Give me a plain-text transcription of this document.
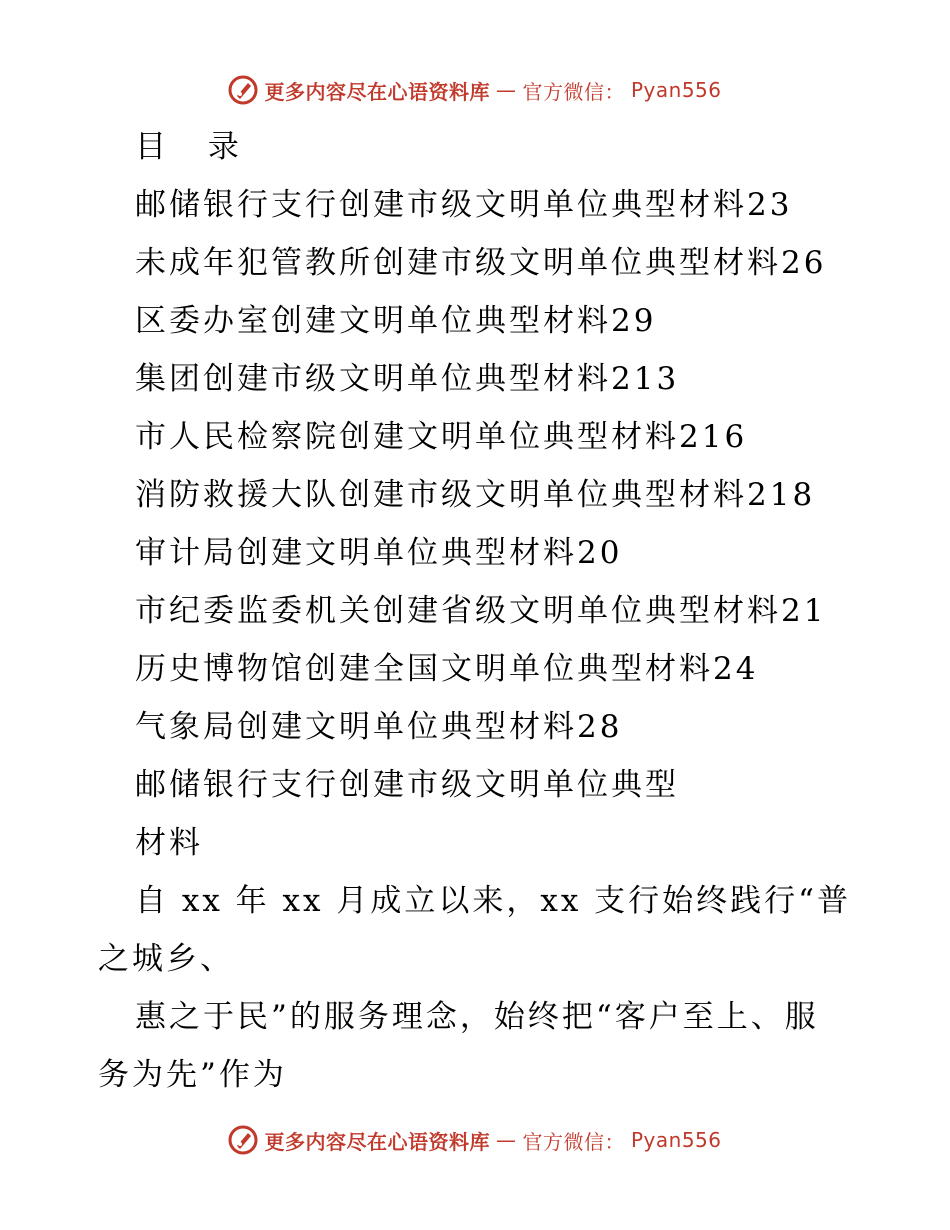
更多内容尽在心语资料库 — 官方微信： Pyan556
目 录
邮储银行支行创建市级文明单位典型材料23
未成年犯管教所创建市级文明单位典型材料26
区委办室创建文明单位典型材料29
集团创建市级文明单位典型材料213
市人民检察院创建文明单位典型材料216
消防救援大队创建市级文明单位典型材料218
审计局创建文明单位典型材料20
市纪委监委机关创建省级文明单位典型材料21
历史博物馆创建全国文明单位典型材料24
气象局创建文明单位典型材料28
邮储银行支行创建市级文明单位典型
材料
自 xx 年 xx 月成立以来，xx 支行始终践行“普
之城乡、
惠之于民”的服务理念，始终把“客户至上、服
务为先”作为
更多内容尽在心语资料库 — 官方微信： Pyan556
